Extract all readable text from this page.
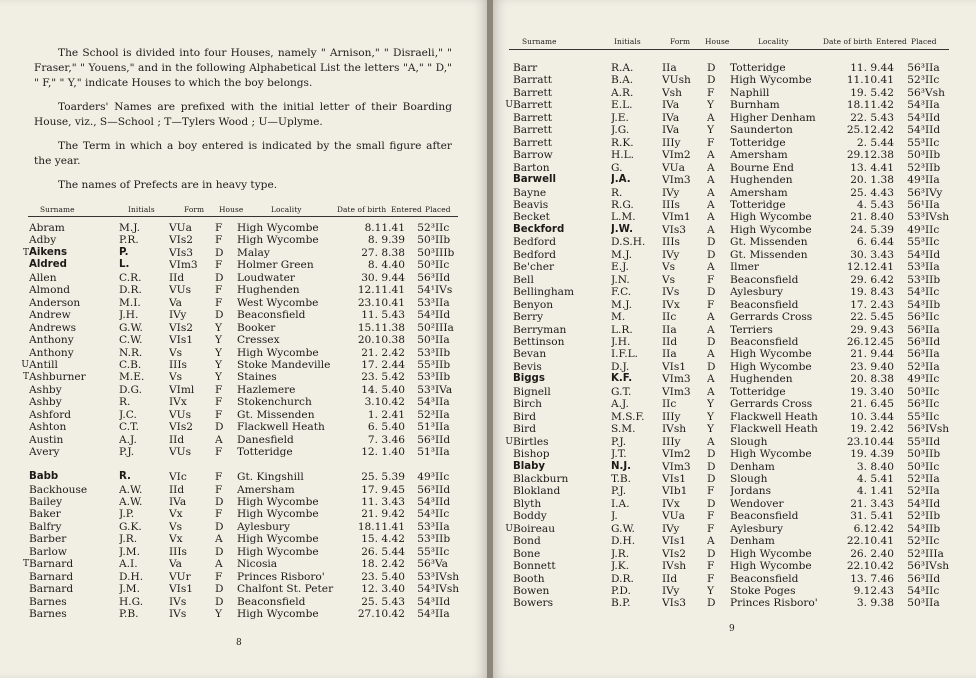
The School is divided into four Houses, namely " Arnison," " Disraeli," " Fraser," " Youens," and in the following Alphabetical List the letters "A," " D," " F," " Y," indicate Houses to which the boy belongs.

Toarders' Names are prefixed with the initial letter of their Boarding House, viz., S—School ; T—Tylers Wood ; U—Uplyme.

The Term in which a boy entered is indicated by the small figure after the year.

The names of Prefects are in heavy type.

Surname	Initials	Form House	Locality	Date of birth Entered Placed
	Abram	M.J.	VUa	F	High Wycombe	8.11.41	52³	IIc
	Adby	P.R.	VIs2	F	High Wycombe	8. 9.39	50³	IIb
T	Aikens	P.	VIs3	D	Malay	27. 8.38	50³	IIIb
	Aldred	L.	VIm3	F	Holmer Green	8. 4.40	50³	IIc
	Allen	C.R.	IId	D	Loudwater	30. 9.44	56³	IId
	Almond	D.R.	VUs	F	Hughenden	12.11.41	54¹	IVs
	Anderson	M.I.	Va	F	West Wycombe	23.10.41	53³	IIa
	Andrew	J.H.	IVy	D	Beaconsfield	11. 5.43	54³	IId
	Andrews	G.W.	VIs2	Y	Booker	15.11.38	50²	IIIa
	Anthony	C.W.	VIs1	Y	Cressex	20.10.38	50³	IIa
	Anthony	N.R.	Vs	Y	High Wycombe	21. 2.42	53³	IIb
U	Antill	C.B.	IIIs	Y	Stoke Mandeville	17. 2.44	55³	IIb
T	Ashburner	M.E.	Vs	Y	Staines	23. 5.42	53³	IIb
	Ashby	D.G.	VIml	F	Hazlemere	14. 5.40	53³	IVa
	Ashby	R.	IVx	F	Stokenchurch	3.10.42	54³	IIa
	Ashford	J.C.	VUs	F	Gt. Missenden	1. 2.41	52³	IIa
	Ashton	C.T.	VIs2	D	Flackwell Heath	6. 5.40	51³	IIa
	Austin	A.J.	IId	A	Danesfield	7. 3.46	56³	IId
	Avery	P.J.	VUs	F	Totteridge	12. 1.40	51³	IIa

	Babb	R.	VIc	F	Gt. Kingshill	25. 5.39	49³	IIc
	Backhouse	A.W.	IId	F	Amersham	17. 9.45	56³	IId
	Bailey	A.W.	IVa	D	High Wycombe	11. 3.43	54³	IId
	Baker	J.P.	Vx	F	High Wycombe	21. 9.42	54³	IIc
	Balfry	G.K.	Vs	D	Aylesbury	18.11.41	53³	IIa
	Barber	J.R.	Vx	A	High Wycombe	15. 4.42	53³	IIb
	Barlow	J.M.	IIIs	D	High Wycombe	26. 5.44	55³	IIc
T	Barnard	A.I.	Va	A	Nicosia	18. 2.42	56³	Va
	Barnard	D.H.	VUr	F	Princes Risboro'	23. 5.40	53³	IVsh
	Barnard	J.M.	VIs1	D	Chalfont St. Peter	12. 3.40	54³	IVsh
	Barnes	H.G.	IVs	D	Beaconsfield	25. 5.43	54³	IId
	Barnes	P.B.	IVs	Y	High Wycombe	27.10.42	54³	IIa
8
Surname	Initials	Form House	Locality	Date of birth Entered Placed
	Barr	R.A.	IIa	D	Totteridge	11. 9.44	56³	IIa
	Barratt	B.A.	VUsh	D	High Wycombe	11.10.41	52³	IIc
	Barrett	A.R.	Vsh	F	Naphill	19. 5.42	56³	Vsh
U	Barrett	E.L.	IVa	Y	Burnham	18.11.42	54³	IIa
	Barrett	J.E.	IVa	A	Higher Denham	22. 5.43	54³	IId
	Barrett	J.G.	IVa	Y	Saunderton	25.12.42	54³	IId
	Barrett	R.K.	IIIy	F	Totteridge	2. 5.44	55³	IIc
	Barrow	H.L.	VIm2	A	Amersham	29.12.38	50³	IIb
	Barton	G.	VUa	A	Bourne End	13. 4.41	52³	IIb
	Barwell	J.A.	VIm3	A	Hughenden	20. 1.38	49³	IIa
	Bayne	R.	IVy	A	Amersham	25. 4.43	56³	IVy
	Beavis	R.G.	IIIs	A	Totteridge	4. 5.43	56¹	IIa
	Becket	L.M.	VIm1	A	High Wycombe	21. 8.40	53³	IVsh
	Beckford	J.W.	VIs3	A	High Wycombe	24. 5.39	49³	IIc
	Bedford	D.S.H.	IIIs	D	Gt. Missenden	6. 6.44	55³	IIc
	Bedford	M.J.	IVy	D	Gt. Missenden	30. 3.43	54³	IId
	Be'cher	E.J.	Vs	A	Ilmer	12.12.41	53³	IIa
	Bell	J.N.	Vs	F	Beaconsfield	29. 6.42	53³	IIb
	Bellingham	F.C.	IVs	D	Aylesbury	19. 8.43	54³	IIc
	Benyon	M.J.	IVx	F	Beaconsfield	17. 2.43	54³	IIb
	Berry	M.	IIc	A	Gerrards Cross	22. 5.45	56³	IIc
	Berryman	L.R.	IIa	A	Terriers	29. 9.43	56³	IIa
	Bettinson	J.H.	IId	D	Beaconsfield	26.12.45	56³	IId
	Bevan	I.F.L.	IIa	A	High Wycombe	21. 9.44	56³	IIa
	Bevis	D.J.	VIs1	D	High Wycombe	23. 9.40	52³	IIa
	Biggs	K.F.	VIm3	A	Hughenden	20. 8.38	49³	IIc
	Bignell	G.T.	VIm3	A	Totteridge	19. 3.40	50³	IIc
	Birch	A.J.	IIc	Y	Gerrards Cross	21. 6.45	56³	IIc
	Bird	M.S.F.	IIIy	Y	Flackwell Heath	10. 3.44	55³	IIc
	Bird	S.M.	IVsh	Y	Flackwell Heath	19. 2.42	56³	IVsh
U	Birtles	P.J.	IIIy	A	Slough	23.10.44	55³	IId
	Bishop	J.T.	VIm2	D	High Wycombe	19. 4.39	50³	IIb
	Blaby	N.J.	VIm3	D	Denham	3. 8.40	50³	IIc
	Blackburn	T.B.	VIs1	D	Slough	4. 5.41	52³	IIa
	Blokland	P.J.	VIb1	F	Jordans	4. 1.41	52³	IIa
	Blyth	I.A.	IVx	D	Wendover	21. 3.43	54³	IId
	Boddy	J.	VUa	F	Beaconsfield	31. 5.41	52³	IIb
U	Boireau	G.W.	IVy	F	Aylesbury	6.12.42	54³	IIb
	Bond	D.H.	VIs1	A	Denham	22.10.41	52³	IIc
	Bone	J.R.	VIs2	D	High Wycombe	26. 2.40	52³	IIIa
	Bonnett	J.K.	IVsh	F	High Wycombe	22.10.42	56³	IVsh
	Booth	D.R.	IId	F	Beaconsfield	13. 7.46	56³	IId
	Bowen	P.D.	IVy	Y	Stoke Poges	9.12.43	54³	IIc
	Bowers	B.P.	VIs3	D	Princes Risboro'	3. 9.38	50³	IIa
9
